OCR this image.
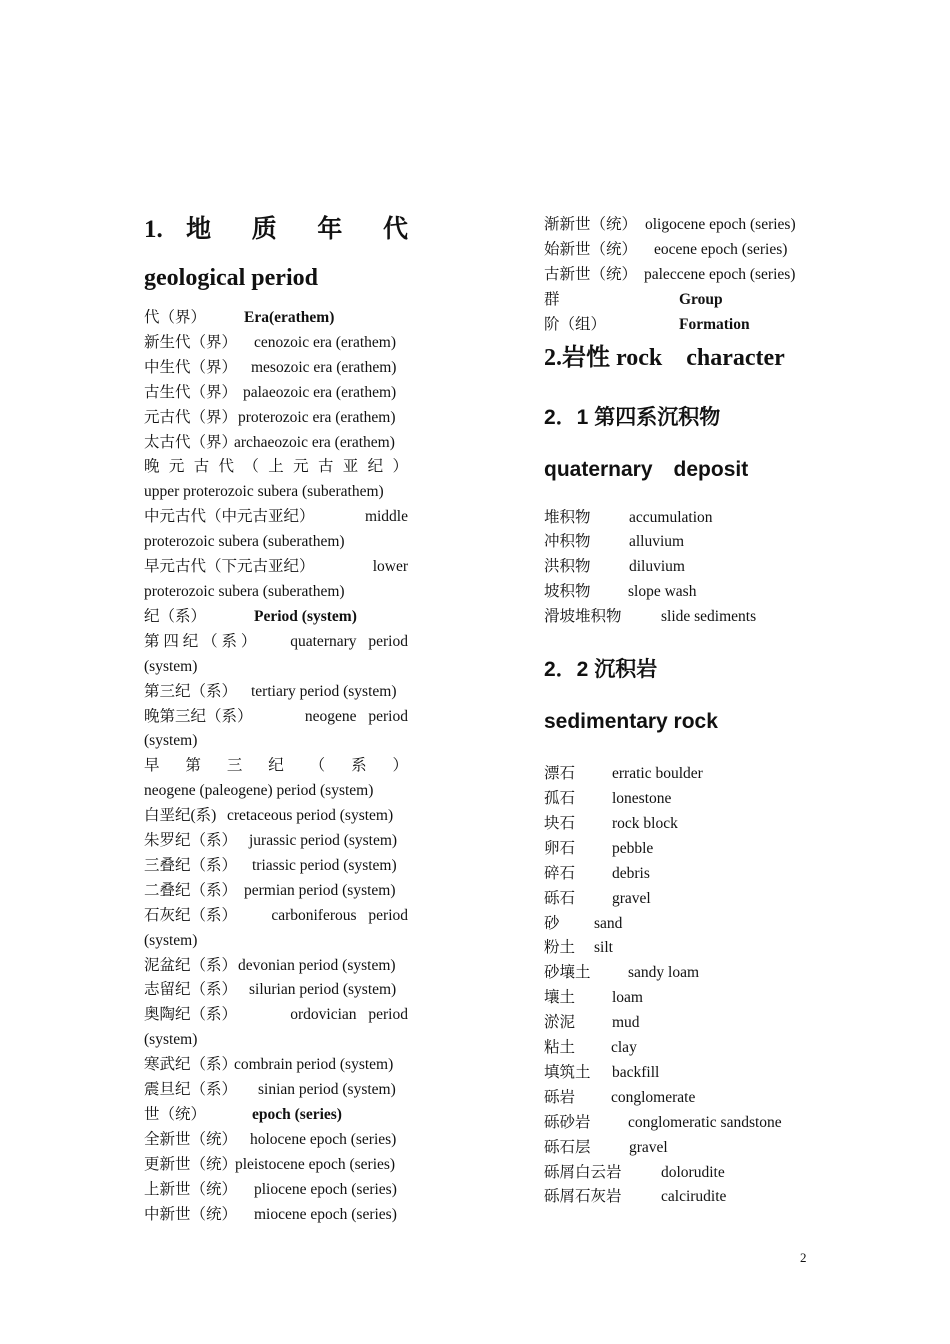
1. 地 质 年 代
geological period
代（界） Era(erathem)
新生代（界） cenozoic era (erathem)
中生代（界） mesozoic era (erathem)
古生代（界） palaeozoic era (erathem)
元古代（界）proterozoic era (erathem)
太古代（界）archaeozoic era (erathem)
晚 元 古 代 （ 上 元 古 亚 纪 ）
upper proterozoic subera (suberathem)
中元古代（中元古亚纪）	middle
proterozoic subera (suberathem)
早元古代（下元古亚纪）	lower
proterozoic subera (suberathem)
纪（系）	Period (system)
第 四 纪 （ 系 ） quaternary period
(system)
第三纪（系） tertiary period (system)
晚第三纪（系）	neogene period
(system)
早 第 三 纪 （ 系 ）
neogene (paleogene) period (system)
白垩纪(系) cretaceous period (system)
朱罗纪（系） jurassic period (system)
三叠纪（系） triassic period (system)
二叠纪（系） permian period (system)
石灰纪（系） carboniferous period
(system)
泥盆纪（系）devonian period (system)
志留纪（系） silurian period (system)
奥陶纪（系）	ordovician period
(system)
寒武纪（系）combrain period (system)
震旦纪（系） sinian period (system)
世（统）	epoch (series)
全新世（统） holocene epoch (series)
更新世（统）pleistocene epoch (series)
上新世（统） pliocene epoch (series)
中新世（统） miocene epoch (series)
渐新世（统） oligocene epoch (series)
始新世（统） eocene epoch (series)
古新世（统） paleccene epoch (series)
群	Group
阶（组）	Formation
2.岩性 rock　character
2．1 第四系沉积物
quaternary　deposit
堆积物 accumulation
冲积物 alluvium
洪积物 diluvium
坡积物 slope wash
滑坡堆积物	slide sediments
2．2 沉积岩
sedimentary rock
漂石 erratic boulder
孤石 lonestone
块石 rock block
卵石 pebble
碎石 debris
砾石 gravel
砂 sand
粉土 silt
砂壤土 sandy loam
壤土 loam
淤泥 mud
粘土 clay
填筑土 backfill
砾岩 conglomerate
砾砂岩 conglomeratic sandstone
砾石层 gravel
砾屑白云岩	dolorudite
砾屑石灰岩	calcirudite
2
